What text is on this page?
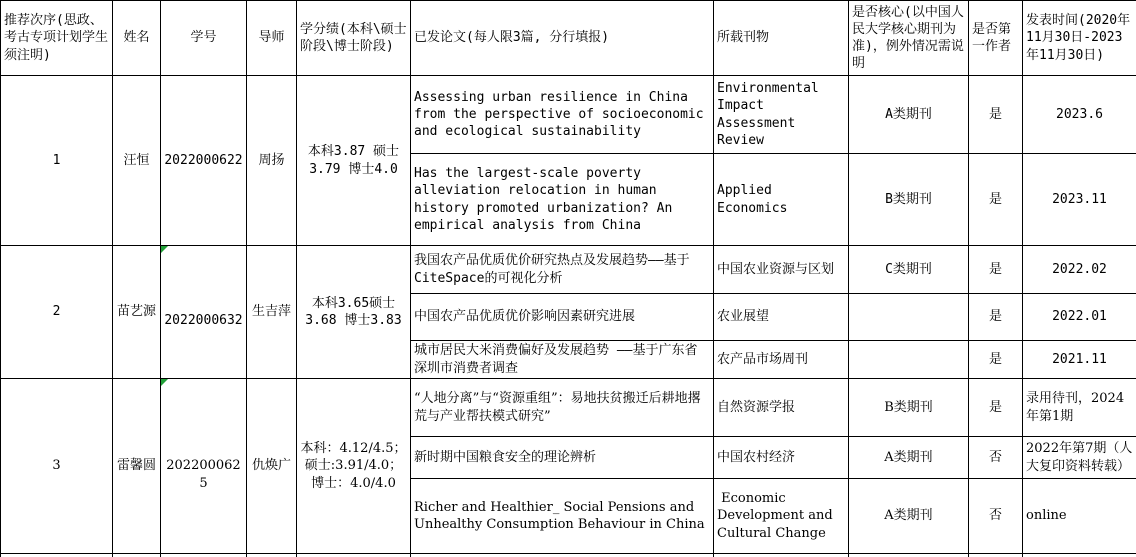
推荐次序(思政、考古专项计划学生须注明)	姓名	学号	导师	学分绩(本科\硕士阶段\博士阶段)	已发论文(每人限3篇, 分行填报)	所载刊物	是否核心(以中国人民大学核心期刊为准)，例外情况需说明	是否第一作者	发表时间(2020年11月30日-2023年11月30日)
1	汪恒	2022000622	周扬	本科3.87 硕士3.79 博士4.0	Assessing urban resilience in China from the perspective of socioeconomic and ecological sustainability	Environmental Impact Assessment Review	A类期刊	是	2023.6
					Has the largest-scale poverty alleviation relocation in human history promoted urbanization? An empirical analysis from China	Applied Economics	B类期刊	是	2023.11
2	苗艺源	2022000632	生吉萍	本科3.65硕士3.68 博士3.83	我国农产品优质优价研究热点及发展趋势——基于CiteSpace的可视化分析	中国农业资源与区划	C类期刊	是	2022.02
					中国农产品优质优价影响因素研究进展	农业展望		是	2022.01
					城市居民大米消费偏好及发展趋势 ——基于广东省深圳市消费者调查	农产品市场周刊		是	2021.11
3	雷馨圆	2022000625	仇焕广	本科：4.12/4.5；硕士:3.91/4.0；博士：4.0/4.0	“人地分离”与“资源重组”：易地扶贫搬迁后耕地撂荒与产业帮扶模式研究”	自然资源学报	B类期刊	是	录用待刊，2024年第1期
					新时期中国粮食安全的理论辨析	中国农村经济	A类期刊	否	2022年第7期（人大复印资料转载）
					Richer and Healthier_ Social Pensions and Unhealthy Consumption Behaviour in China	Economic Development and Cultural Change	A类期刊	否	online
